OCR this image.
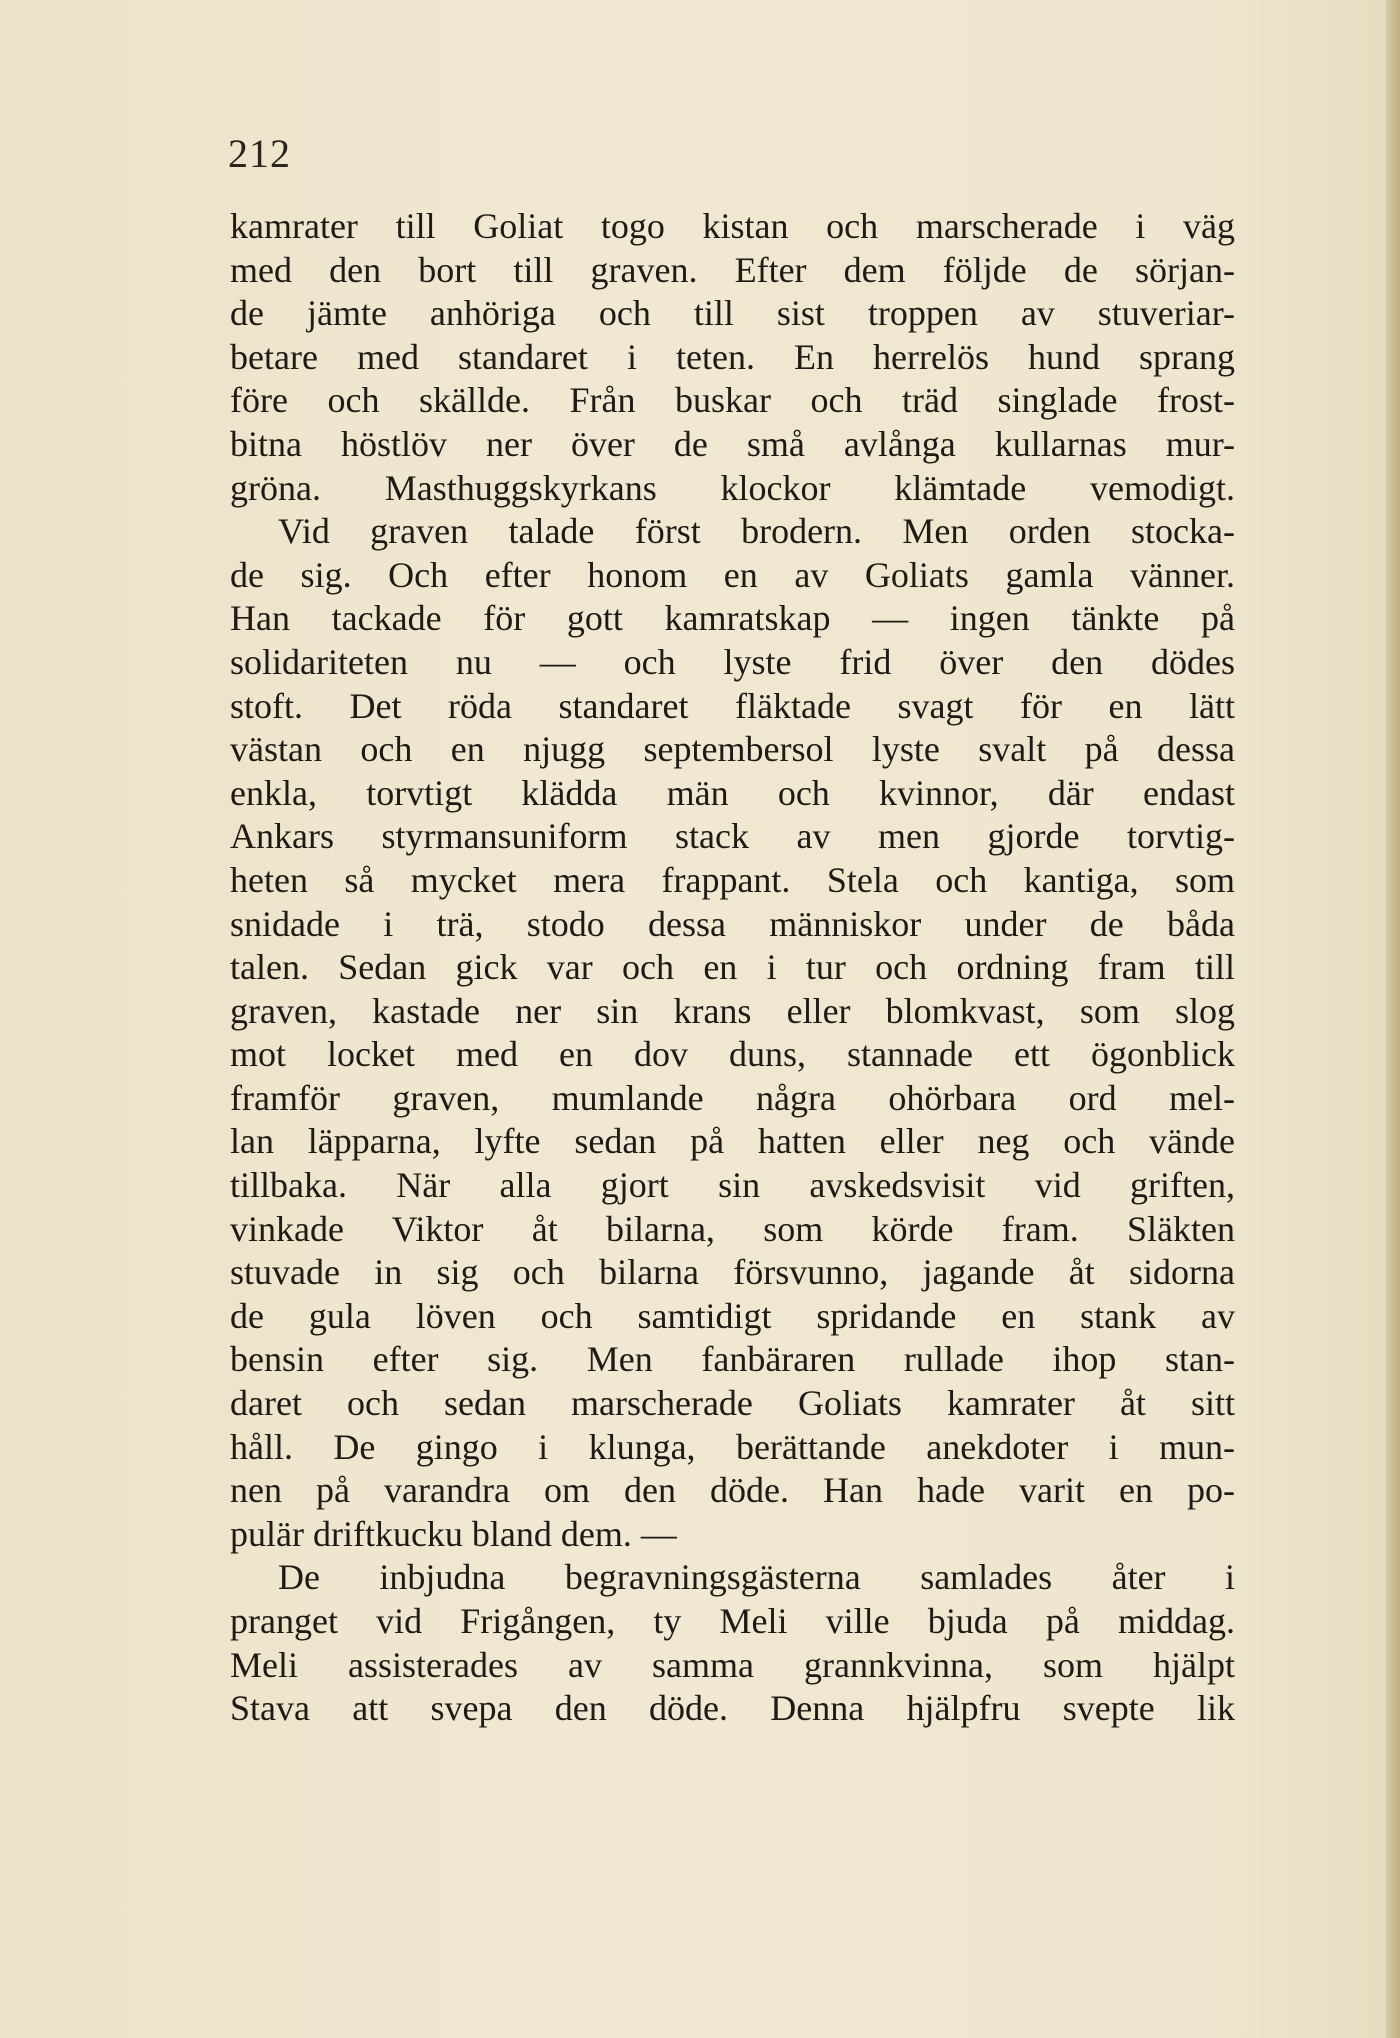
212
kamrater till Goliat togo kistan och marscherade i väg
med den bort till graven. Efter dem följde de sörjan-
de jämte anhöriga och till sist troppen av stuveriar-
betare med standaret i teten. En herrelös hund sprang
före och skällde. Från buskar och träd singlade frost-
bitna höstlöv ner över de små avlånga kullarnas mur-
gröna. Masthuggskyrkans klockor klämtade vemodigt.
Vid graven talade först brodern. Men orden stocka-
de sig. Och efter honom en av Goliats gamla vänner.
Han tackade för gott kamratskap — ingen tänkte på
solidariteten nu — och lyste frid över den dödes
stoft. Det röda standaret fläktade svagt för en lätt
västan och en njugg septembersol lyste svalt på dessa
enkla, torvtigt klädda män och kvinnor, där endast
Ankars styrmansuniform stack av men gjorde torvtig-
heten så mycket mera frappant. Stela och kantiga, som
snidade i trä, stodo dessa människor under de båda
talen. Sedan gick var och en i tur och ordning fram till
graven, kastade ner sin krans eller blomkvast, som slog
mot locket med en dov duns, stannade ett ögonblick
framför graven, mumlande några ohörbara ord mel-
lan läpparna, lyfte sedan på hatten eller neg och vände
tillbaka. När alla gjort sin avskedsvisit vid griften,
vinkade Viktor åt bilarna, som körde fram. Släkten
stuvade in sig och bilarna försvunno, jagande åt sidorna
de gula löven och samtidigt spridande en stank av
bensin efter sig. Men fanbäraren rullade ihop stan-
daret och sedan marscherade Goliats kamrater åt sitt
håll. De gingo i klunga, berättande anekdoter i mun-
nen på varandra om den döde. Han hade varit en po-
pulär driftkucku bland dem. —
De inbjudna begravningsgästerna samlades åter i
pranget vid Frigången, ty Meli ville bjuda på middag.
Meli assisterades av samma grannkvinna, som hjälpt
Stava att svepa den döde. Denna hjälpfru svepte lik
